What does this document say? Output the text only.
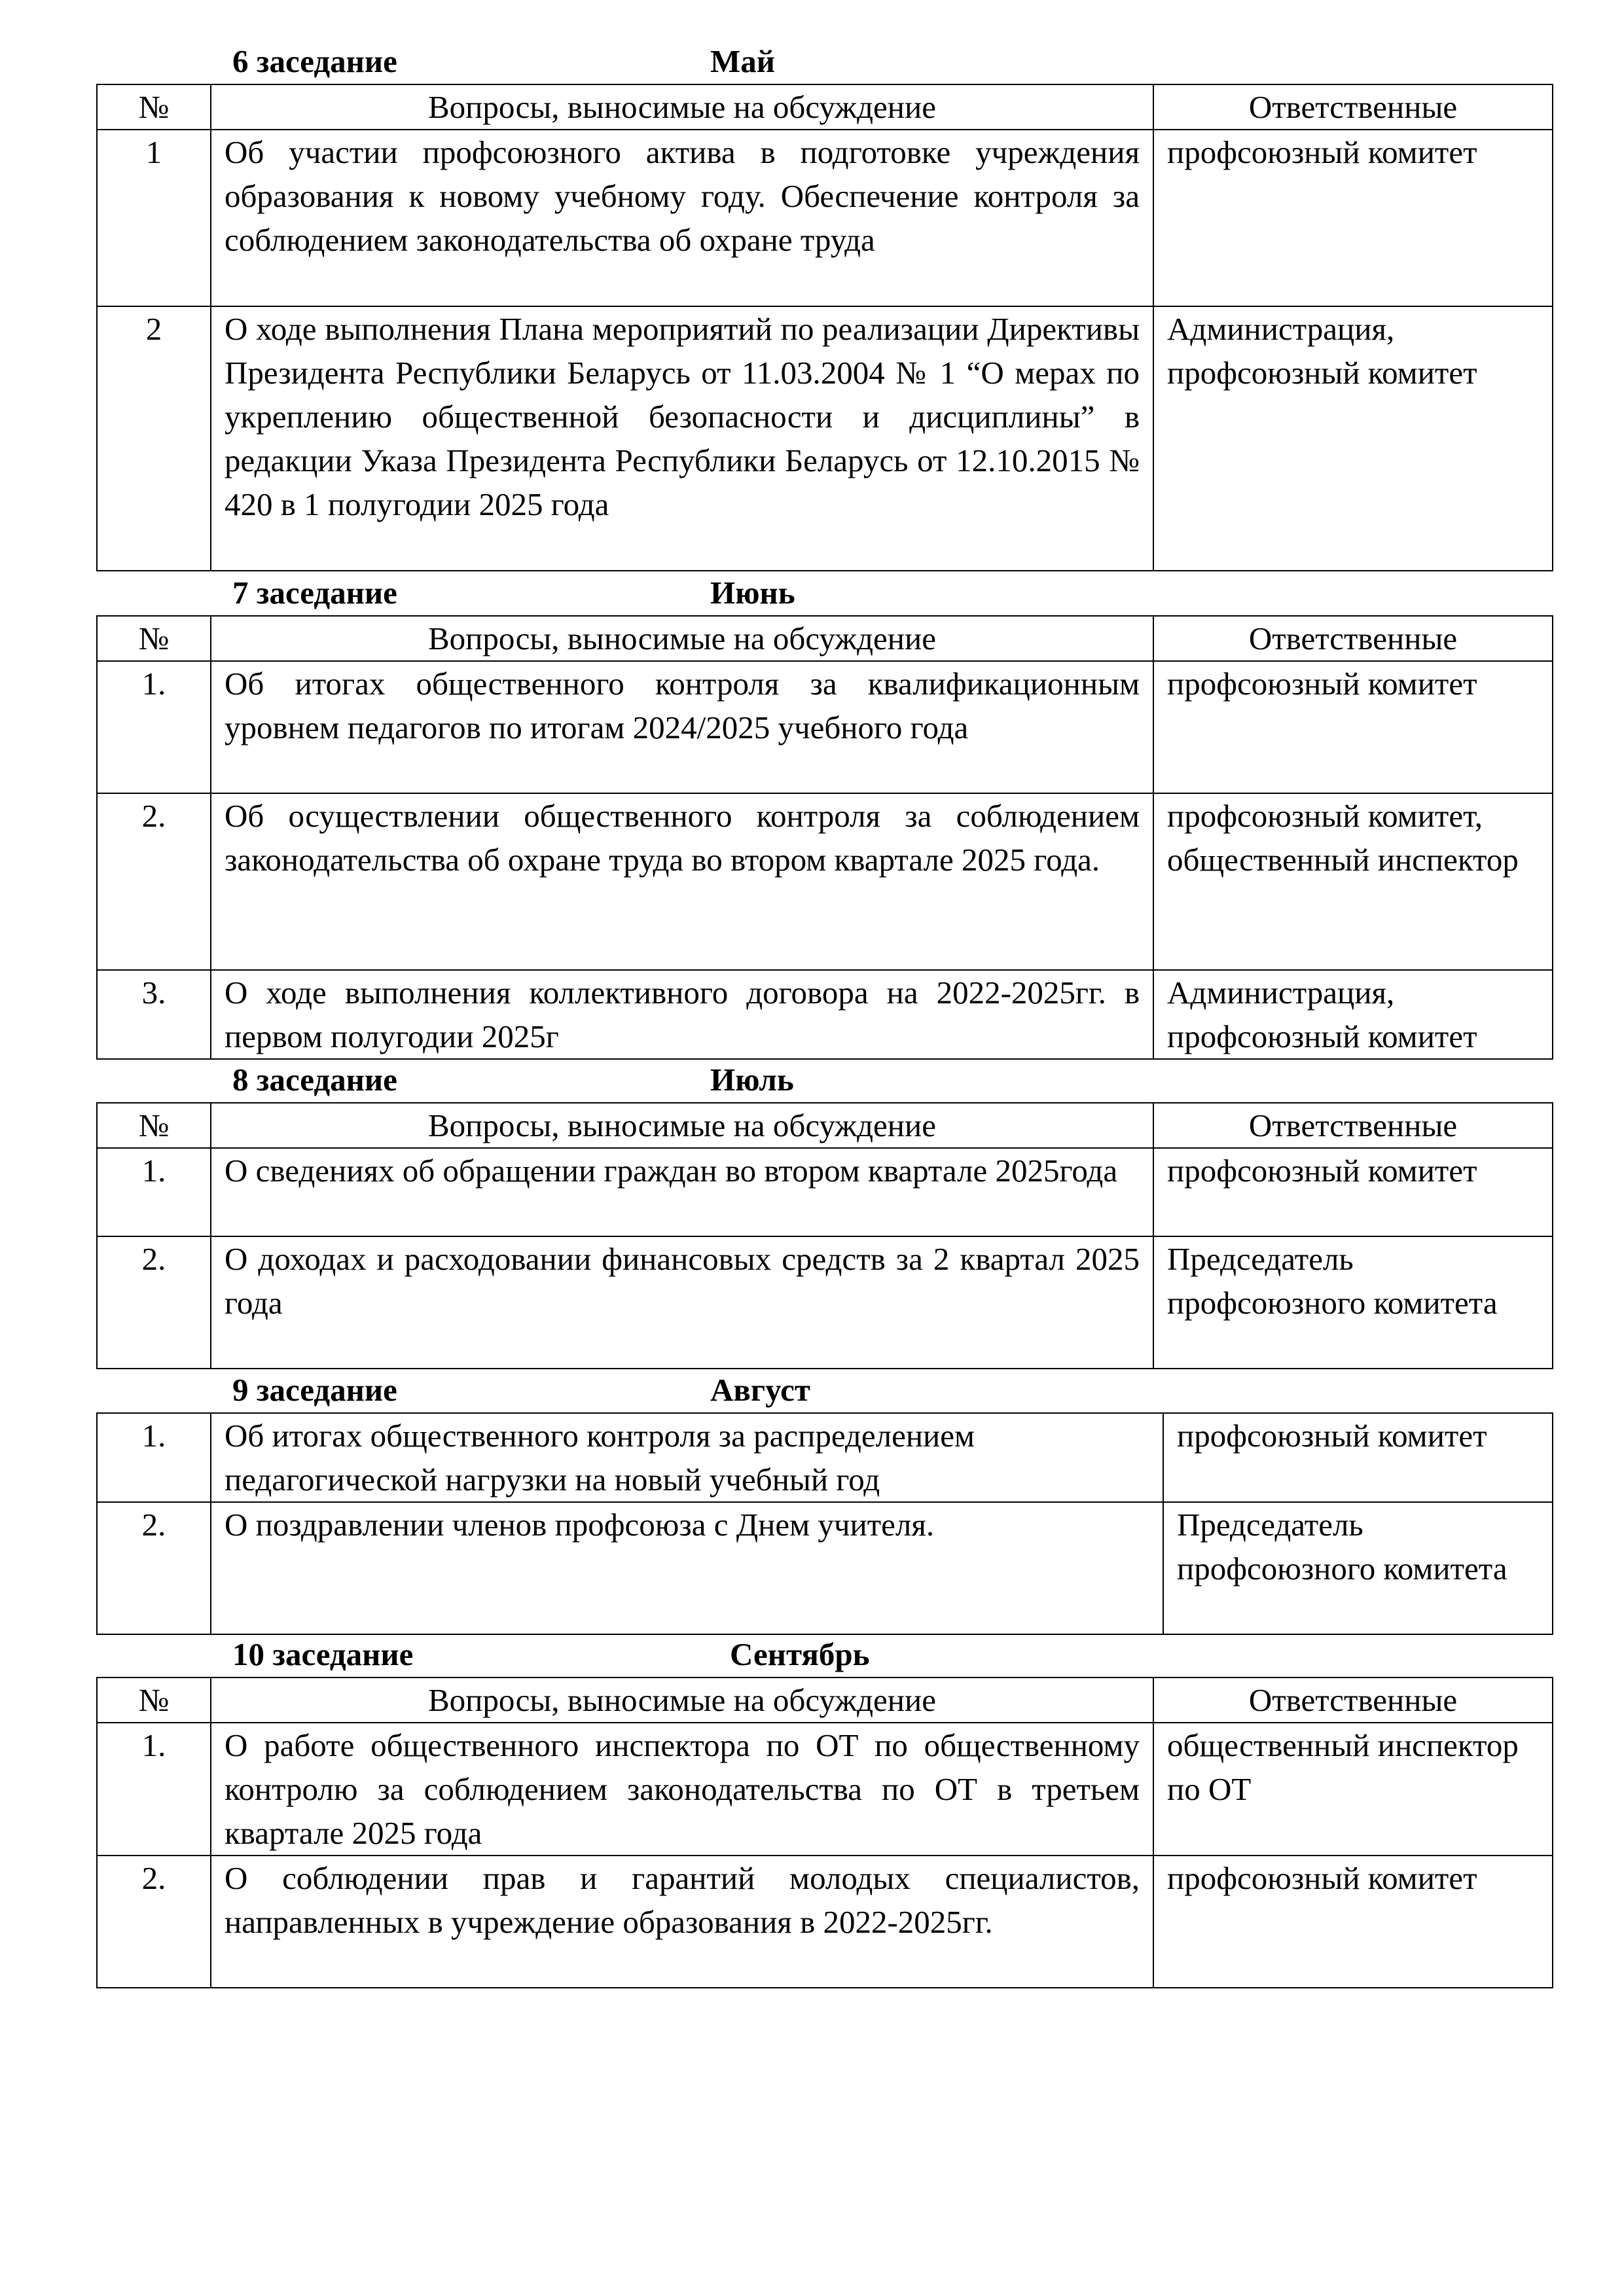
6 заседание	Май
№	Вопросы, выносимые на обсуждение	Ответственные
1	Об участии профсоюзного актива в подготовке учреждения образования к новому учебному году. Обеспечение контроля за соблюдением законодательства об охране труда	профсоюзный комитет
2	О ходе выполнения Плана мероприятий по реализации Директивы Президента Республики Беларусь от 11.03.2004 № 1 “О мерах по укреплению общественной безопасности и дисциплины” в редакции Указа Президента Республики Беларусь от 12.10.2015 № 420 в 1 полугодии 2025 года	Администрация, профсоюзный комитет
7 заседание	Июнь
№	Вопросы, выносимые на обсуждение	Ответственные
1.	Об итогах общественного контроля за квалификационным уровнем педагогов по итогам 2024/2025 учебного года	профсоюзный комитет
2.	Об осуществлении общественного контроля за соблюдением законодательства об охране труда во втором квартале 2025 года.	профсоюзный комитет, общественный инспектор
3.	О ходе выполнения коллективного договора на 2022-2025гг. в первом полугодии 2025г	Администрация, профсоюзный комитет
8 заседание	Июль
№	Вопросы, выносимые на обсуждение	Ответственные
1.	О сведениях об обращении граждан во втором квартале 2025года	профсоюзный комитет
2.	О доходах и расходовании финансовых средств за 2 квартал 2025 года	Председатель профсоюзного комитета
9 заседание	Август
1.	Об итогах общественного контроля за распределением педагогической нагрузки на новый учебный год	профсоюзный комитет
2.	О поздравлении членов профсоюза с Днем учителя.	Председатель профсоюзного комитета
10 заседание	Сентябрь
№	Вопросы, выносимые на обсуждение	Ответственные
1.	О работе общественного инспектора по ОТ по общественному контролю за соблюдением законодательства по ОТ в третьем квартале 2025 года	общественный инспектор по ОТ
2.	О соблюдении прав и гарантий молодых специалистов, направленных в учреждение образования в 2022-2025гг.	профсоюзный комитет
